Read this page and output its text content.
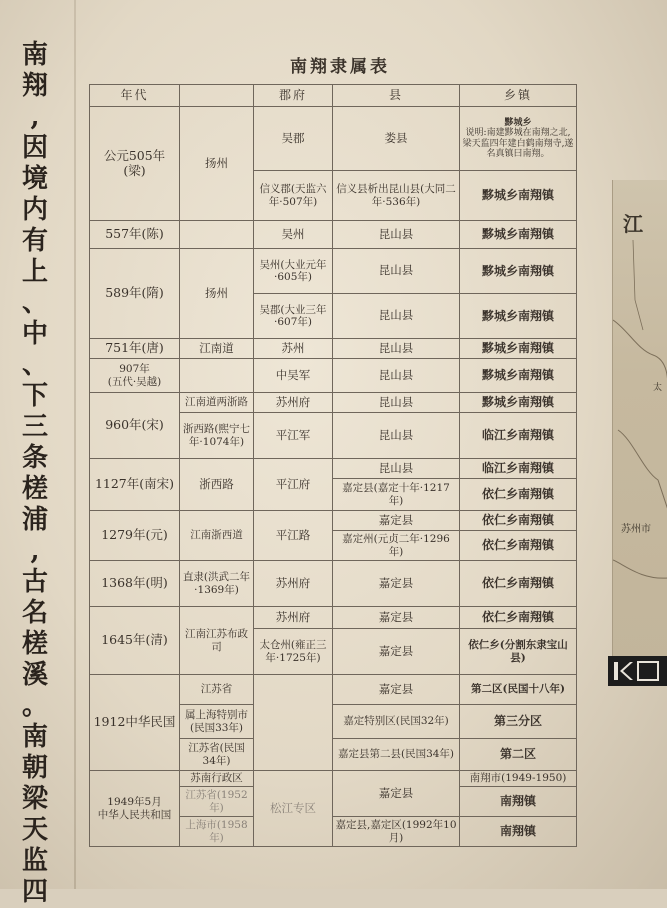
南
翔
,
因
境
内
有
上
、
中
、
下
三
条
槎
浦
,
古
名
槎
溪
。
南
朝
梁
天
监
四
南翔隶属表
年代		郡府	县	乡镇
公元505年
(梁)	扬州	吴郡	娄县	黟城乡
说明:南建黟城在南翔之北,梁天监四年建白鹤南翔寺,遂名真镇曰南翔。
		信义郡(天监六年·507年)	信义县析出昆山县(大同二年·536年)	黟城乡南翔镇
557年(陈)		吴州	昆山县	黟城乡南翔镇
589年(隋)	扬州	吴州(大业元年·605年)	昆山县	黟城乡南翔镇
		吴郡(大业三年·607年)	昆山县	黟城乡南翔镇
751年(唐)	江南道	苏州	昆山县	黟城乡南翔镇
907年
(五代·吴越)		中吴军	昆山县	黟城乡南翔镇
960年(宋)	江南道两浙路	苏州府	昆山县	黟城乡南翔镇
	浙西路(熙宁七年·1074年)	平江军	昆山县	临江乡南翔镇
1127年(南宋)	浙西路	平江府	昆山县	临江乡南翔镇
			嘉定县(嘉定十年·1217年)	依仁乡南翔镇
1279年(元)	江南浙西道	平江路	嘉定县	依仁乡南翔镇
			嘉定州(元贞二年·1296年)	依仁乡南翔镇
1368年(明)	直隶(洪武二年·1369年)	苏州府	嘉定县	依仁乡南翔镇
1645年(清)	江南江苏布政司	苏州府	嘉定县	依仁乡南翔镇
		太仓州(雍正三年·1725年)	嘉定县	依仁乡(分割东隶宝山县)
1912中华民国	江苏省		嘉定县	第二区(民国十八年)
	属上海特别市(民国33年)		嘉定特别区(民国32年)	第三分区
	江苏省(民国34年)		嘉定县第二县(民国34年)	第二区
1949年5月
中华人民共和国	苏南行政区	松江专区	嘉定县	南翔市(1949-1950)
	江苏省(1952年)			南翔镇
	上海市(1958年)		嘉定县,嘉定区(1992年10月)	南翔镇
江
太
苏州市
